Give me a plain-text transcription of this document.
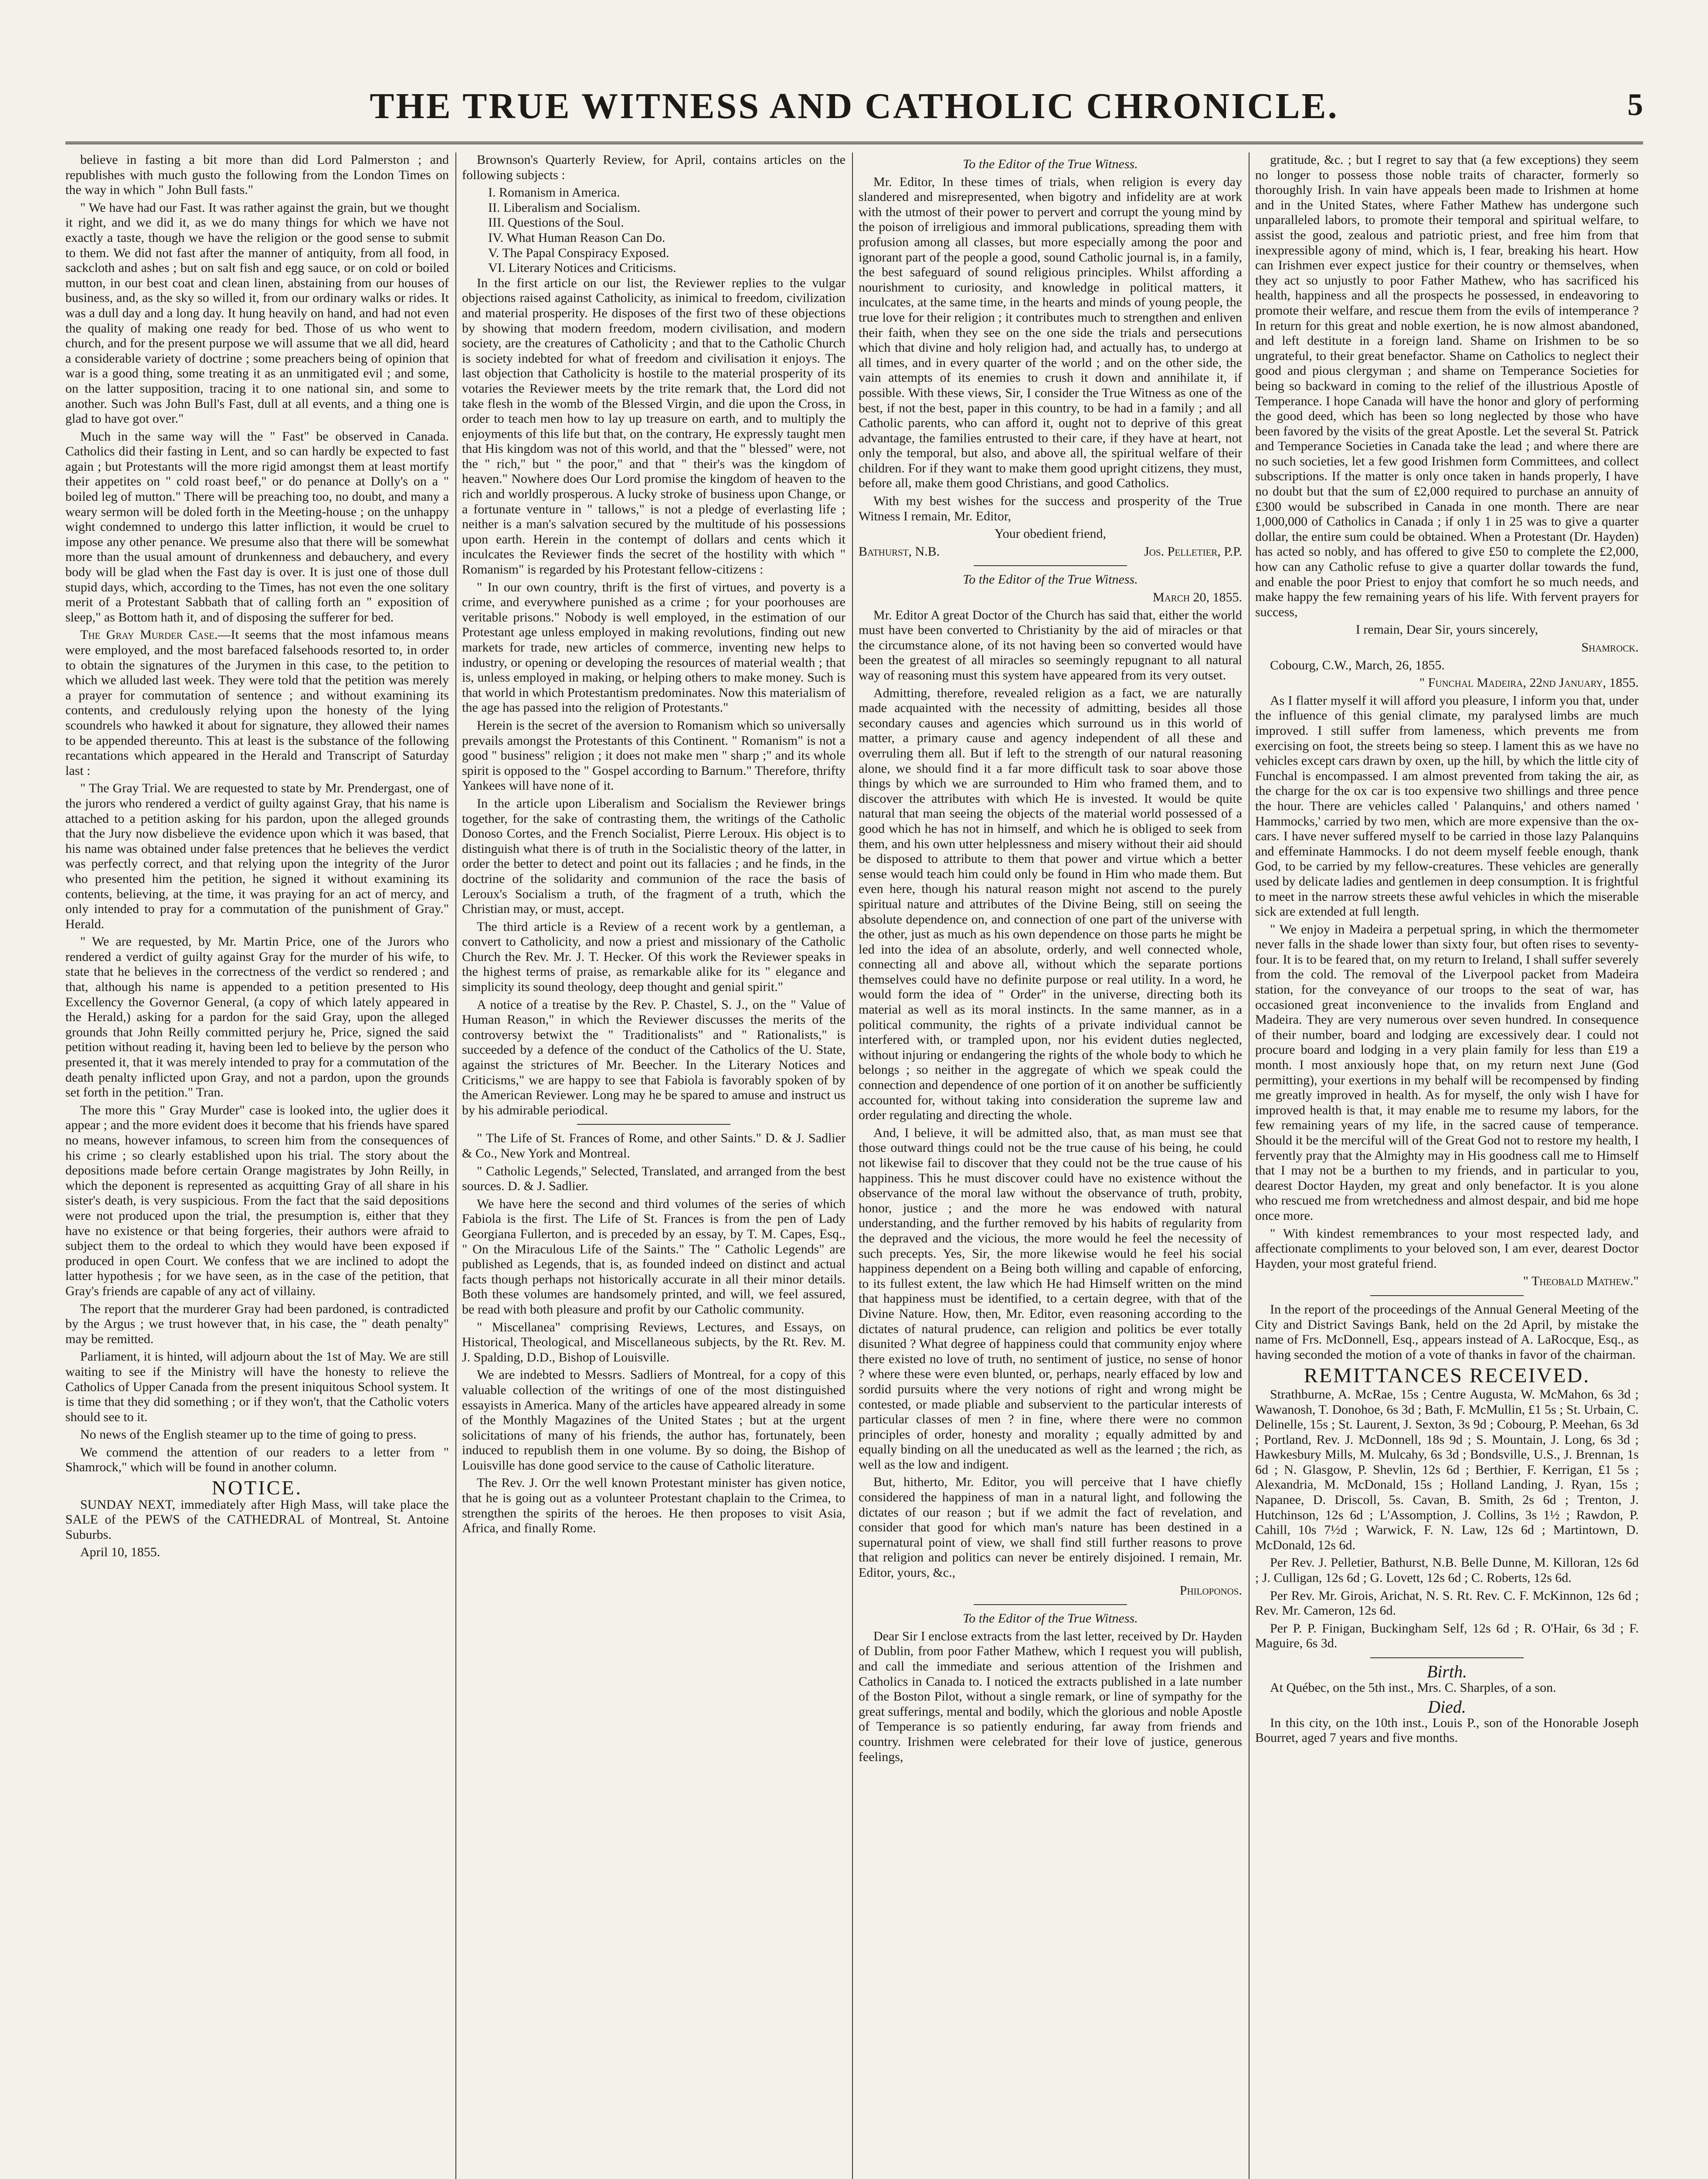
THE TRUE WITNESS AND CATHOLIC CHRONICLE.	5

believe in fasting a bit more than did Lord Palmerston ; and republishes with much gusto the following from the London Times on the way in which " John Bull fasts."

" We have had our Fast. It was rather against the grain, but we thought it right, and we did it, as we do many things for which we have not exactly a taste, though we have the religion or the good sense to submit to them. We did not fast after the manner of antiquity, from all food, in sackcloth and ashes ; but on salt fish and egg sauce, or on cold or boiled mutton, in our best coat and clean linen, abstaining from our houses of business, and, as the sky so willed it, from our ordinary walks or rides. It was a dull day and a long day. It hung heavily on hand, and had not even the quality of making one ready for bed. Those of us who went to church, and for the present purpose we will assume that we all did, heard a considerable variety of doctrine ; some preachers being of opinion that war is a good thing, some treating it as an unmitigated evil ; and some, on the latter supposition, tracing it to one national sin, and some to another. Such was John Bull's Fast, dull at all events, and a thing one is glad to have got over."

Much in the same way will the " Fast" be observed in Canada. Catholics did their fasting in Lent, and so can hardly be expected to fast again ; but Protestants will the more rigid amongst them at least mortify their appetites on " cold roast beef," or do penance at Dolly's on a " boiled leg of mutton." There will be preaching too, no doubt, and many a weary sermon will be doled forth in the Meeting-house ; on the unhappy wight condemned to undergo this latter infliction, it would be cruel to impose any other penance. We presume also that there will be somewhat more than the usual amount of drunkenness and debauchery, and every body will be glad when the Fast day is over. It is just one of those dull stupid days, which, according to the Times, has not even the one solitary merit of a Protestant Sabbath that of calling forth an " exposition of sleep," as Bottom hath it, and of disposing the sufferer for bed.

The Gray Murder Case.—It seems that the most infamous means were employed, and the most barefaced falsehoods resorted to, in order to obtain the signatures of the Jurymen in this case, to the petition to which we alluded last week. They were told that the petition was merely a prayer for commutation of sentence ; and without examining its contents, and credulously relying upon the honesty of the lying scoundrels who hawked it about for signature, they allowed their names to be appended thereunto. This at least is the substance of the following recantations which appeared in the Herald and Transcript of Saturday last :

" The Gray Trial. We are requested to state by Mr. Prendergast, one of the jurors who rendered a verdict of guilty against Gray, that his name is attached to a petition asking for his pardon, upon the alleged grounds that the Jury now disbelieve the evidence upon which it was based, that his name was obtained under false pretences that he believes the verdict was perfectly correct, and that relying upon the integrity of the Juror who presented him the petition, he signed it without examining its contents, believing, at the time, it was praying for an act of mercy, and only intended to pray for a commutation of the punishment of Gray." Herald.

" We are requested, by Mr. Martin Price, one of the Jurors who rendered a verdict of guilty against Gray for the murder of his wife, to state that he believes in the correctness of the verdict so rendered ; and that, although his name is appended to a petition presented to His Excellency the Governor General, (a copy of which lately appeared in the Herald,) asking for a pardon for the said Gray, upon the alleged grounds that John Reilly committed perjury he, Price, signed the said petition without reading it, having been led to believe by the person who presented it, that it was merely intended to pray for a commutation of the death penalty inflicted upon Gray, and not a pardon, upon the grounds set forth in the petition." Tran.

The more this " Gray Murder" case is looked into, the uglier does it appear ; and the more evident does it become that his friends have spared no means, however infamous, to screen him from the consequences of his crime ; so clearly established upon his trial. The story about the depositions made before certain Orange magistrates by John Reilly, in which the deponent is represented as acquitting Gray of all share in his sister's death, is very suspicious. From the fact that the said depositions were not produced upon the trial, the presumption is, either that they have no existence or that being forgeries, their authors were afraid to subject them to the ordeal to which they would have been exposed if produced in open Court. We confess that we are inclined to adopt the latter hypothesis ; for we have seen, as in the case of the petition, that Gray's friends are capable of any act of villainy.

The report that the murderer Gray had been pardoned, is contradicted by the Argus ; we trust however that, in his case, the " death penalty" may be remitted.

Parliament, it is hinted, will adjourn about the 1st of May. We are still waiting to see if the Ministry will have the honesty to relieve the Catholics of Upper Canada from the present iniquitous School system. It is time that they did something ; or if they won't, that the Catholic voters should see to it.

No news of the English steamer up to the time of going to press.

We commend the attention of our readers to a letter from " Shamrock," which will be found in another column.

NOTICE.

SUNDAY NEXT, immediately after High Mass, will take place the SALE of the PEWS of the CATHEDRAL of Montreal, St. Antoine Suburbs.

April 10, 1855.

Brownson's Quarterly Review, for April, contains articles on the following subjects :

I. Romanism in America.

II. Liberalism and Socialism.

III. Questions of the Soul.

IV. What Human Reason Can Do.

V. The Papal Conspiracy Exposed.

VI. Literary Notices and Criticisms.

In the first article on our list, the Reviewer replies to the vulgar objections raised against Catholicity, as inimical to freedom, civilization and material prosperity. He disposes of the first two of these objections by showing that modern freedom, modern civilisation, and modern society, are the creatures of Catholicity ; and that to the Catholic Church is society indebted for what of freedom and civilisation it enjoys. The last objection that Catholicity is hostile to the material prosperity of its votaries the Reviewer meets by the trite remark that, the Lord did not take flesh in the womb of the Blessed Virgin, and die upon the Cross, in order to teach men how to lay up treasure on earth, and to multiply the enjoyments of this life but that, on the contrary, He expressly taught men that His kingdom was not of this world, and that the " blessed" were, not the " rich," but " the poor," and that " their's was the kingdom of heaven." Nowhere does Our Lord promise the kingdom of heaven to the rich and worldly prosperous. A lucky stroke of business upon Change, or a fortunate venture in " tallows," is not a pledge of everlasting life ; neither is a man's salvation secured by the multitude of his possessions upon earth. Herein in the contempt of dollars and cents which it inculcates the Reviewer finds the secret of the hostility with which " Romanism" is regarded by his Protestant fellow-citizens :

" In our own country, thrift is the first of virtues, and poverty is a crime, and everywhere punished as a crime ; for your poorhouses are veritable prisons." Nobody is well employed, in the estimation of our Protestant age unless employed in making revolutions, finding out new markets for trade, new articles of commerce, inventing new helps to industry, or opening or developing the resources of material wealth ; that is, unless employed in making, or helping others to make money. Such is that world in which Protestantism predominates. Now this materialism of the age has passed into the religion of Protestants."

Herein is the secret of the aversion to Romanism which so universally prevails amongst the Protestants of this Continent. " Romanism" is not a good " business" religion ; it does not make men " sharp ;" and its whole spirit is opposed to the " Gospel according to Barnum." Therefore, thrifty Yankees will have none of it.

In the article upon Liberalism and Socialism the Reviewer brings together, for the sake of contrasting them, the writings of the Catholic Donoso Cortes, and the French Socialist, Pierre Leroux. His object is to distinguish what there is of truth in the Socialistic theory of the latter, in order the better to detect and point out its fallacies ; and he finds, in the doctrine of the solidarity and communion of the race the basis of Leroux's Socialism a truth, of the fragment of a truth, which the Christian may, or must, accept.

The third article is a Review of a recent work by a gentleman, a convert to Catholicity, and now a priest and missionary of the Catholic Church the Rev. Mr. J. T. Hecker. Of this work the Reviewer speaks in the highest terms of praise, as remarkable alike for its " elegance and simplicity its sound theology, deep thought and genial spirit."

A notice of a treatise by the Rev. P. Chastel, S. J., on the " Value of Human Reason," in which the Reviewer discusses the merits of the controversy betwixt the " Traditionalists" and " Rationalists," is succeeded by a defence of the conduct of the Catholics of the U. State, against the strictures of Mr. Beecher. In the Literary Notices and Criticisms," we are happy to see that Fabiola is favorably spoken of by the American Reviewer. Long may he be spared to amuse and instruct us by his admirable periodical.

" The Life of St. Frances of Rome, and other Saints." D. & J. Sadlier & Co., New York and Montreal.

" Catholic Legends," Selected, Translated, and arranged from the best sources. D. & J. Sadlier.

We have here the second and third volumes of the series of which Fabiola is the first. The Life of St. Frances is from the pen of Lady Georgiana Fullerton, and is preceded by an essay, by T. M. Capes, Esq., " On the Miraculous Life of the Saints." The " Catholic Legends" are published as Legends, that is, as founded indeed on distinct and actual facts though perhaps not historically accurate in all their minor details. Both these volumes are handsomely printed, and will, we feel assured, be read with both pleasure and profit by our Catholic community.

" Miscellanea" comprising Reviews, Lectures, and Essays, on Historical, Theological, and Miscellaneous subjects, by the Rt. Rev. M. J. Spalding, D.D., Bishop of Louisville.

We are indebted to Messrs. Sadliers of Montreal, for a copy of this valuable collection of the writings of one of the most distinguished essayists in America. Many of the articles have appeared already in some of the Monthly Magazines of the United States ; but at the urgent solicitations of many of his friends, the author has, fortunately, been induced to republish them in one volume. By so doing, the Bishop of Louisville has done good service to the cause of Catholic literature.

The Rev. J. Orr the well known Protestant minister has given notice, that he is going out as a volunteer Protestant chaplain to the Crimea, to strengthen the spirits of the heroes. He then proposes to visit Asia, Africa, and finally Rome.

To the Editor of the True Witness.

Mr. Editor, In these times of trials, when religion is every day slandered and misrepresented, when bigotry and infidelity are at work with the utmost of their power to pervert and corrupt the young mind by the poison of irreligious and immoral publications, spreading them with profusion among all classes, but more especially among the poor and ignorant part of the people a good, sound Catholic journal is, in a family, the best safeguard of sound religious principles. Whilst affording a nourishment to curiosity, and knowledge in political matters, it inculcates, at the same time, in the hearts and minds of young people, the true love for their religion ; it contributes much to strengthen and enliven their faith, when they see on the one side the trials and persecutions which that divine and holy religion had, and actually has, to undergo at all times, and in every quarter of the world ; and on the other side, the vain attempts of its enemies to crush it down and annihilate it, if possible. With these views, Sir, I consider the True Witness as one of the best, if not the best, paper in this country, to be had in a family ; and all Catholic parents, who can afford it, ought not to deprive of this great advantage, the families entrusted to their care, if they have at heart, not only the temporal, but also, and above all, the spiritual welfare of their children. For if they want to make them good upright citizens, they must, before all, make them good Christians, and good Catholics.

With my best wishes for the success and prosperity of the True Witness I remain, Mr. Editor,

Your obedient friend,

Bathurst, N.B.	Jos. Pelletier, P.P.

To the Editor of the True Witness.

March 20, 1855.

Mr. Editor A great Doctor of the Church has said that, either the world must have been converted to Christianity by the aid of miracles or that the circumstance alone, of its not having been so converted would have been the greatest of all miracles so seemingly repugnant to all natural way of reasoning must this system have appeared from its very outset.

Admitting, therefore, revealed religion as a fact, we are naturally made acquainted with the necessity of admitting, besides all those secondary causes and agencies which surround us in this world of matter, a primary cause and agency independent of all these and overruling them all. But if left to the strength of our natural reasoning alone, we should find it a far more difficult task to soar above those things by which we are surrounded to Him who framed them, and to discover the attributes with which He is invested. It would be quite natural that man seeing the objects of the material world possessed of a good which he has not in himself, and which he is obliged to seek from them, and his own utter helplessness and misery without their aid should be disposed to attribute to them that power and virtue which a better sense would teach him could only be found in Him who made them. But even here, though his natural reason might not ascend to the purely spiritual nature and attributes of the Divine Being, still on seeing the absolute dependence on, and connection of one part of the universe with the other, just as much as his own dependence on those parts he might be led into the idea of an absolute, orderly, and well connected whole, connecting all and above all, without which the separate portions themselves could have no definite purpose or real utility. In a word, he would form the idea of " Order" in the universe, directing both its material as well as its moral instincts. In the same manner, as in a political community, the rights of a private individual cannot be interfered with, or trampled upon, nor his evident duties neglected, without injuring or endangering the rights of the whole body to which he belongs ; so neither in the aggregate of which we speak could the connection and dependence of one portion of it on another be sufficiently accounted for, without taking into consideration the supreme law and order regulating and directing the whole.

And, I believe, it will be admitted also, that, as man must see that those outward things could not be the true cause of his being, he could not likewise fail to discover that they could not be the true cause of his happiness. This he must discover could have no existence without the observance of the moral law without the observance of truth, probity, honor, justice ; and the more he was endowed with natural understanding, and the further removed by his habits of regularity from the depraved and the vicious, the more would he feel the necessity of such precepts. Yes, Sir, the more likewise would he feel his social happiness dependent on a Being both willing and capable of enforcing, to its fullest extent, the law which He had Himself written on the mind that happiness must be identified, to a certain degree, with that of the Divine Nature. How, then, Mr. Editor, even reasoning according to the dictates of natural prudence, can religion and politics be ever totally disunited ? What degree of happiness could that community enjoy where there existed no love of truth, no sentiment of justice, no sense of honor ? where these were even blunted, or, perhaps, nearly effaced by low and sordid pursuits where the very notions of right and wrong might be contested, or made pliable and subservient to the particular interests of particular classes of men ? in fine, where there were no common principles of order, honesty and morality ; equally admitted by and equally binding on all the uneducated as well as the learned ; the rich, as well as the low and indigent.

But, hitherto, Mr. Editor, you will perceive that I have chiefly considered the happiness of man in a natural light, and following the dictates of our reason ; but if we admit the fact of revelation, and consider that good for which man's nature has been destined in a supernatural point of view, we shall find still further reasons to prove that religion and politics can never be entirely disjoined. I remain, Mr. Editor, yours, &c.,

Philoponos.

To the Editor of the True Witness.

Dear Sir I enclose extracts from the last letter, received by Dr. Hayden of Dublin, from poor Father Mathew, which I request you will publish, and call the immediate and serious attention of the Irishmen and Catholics in Canada to. I noticed the extracts published in a late number of the Boston Pilot, without a single remark, or line of sympathy for the great sufferings, mental and bodily, which the glorious and noble Apostle of Temperance is so patiently enduring, far away from friends and country. Irishmen were celebrated for their love of justice, generous feelings,

gratitude, &c. ; but I regret to say that (a few exceptions) they seem no longer to possess those noble traits of character, formerly so thoroughly Irish. In vain have appeals been made to Irishmen at home and in the United States, where Father Mathew has undergone such unparalleled labors, to promote their temporal and spiritual welfare, to assist the good, zealous and patriotic priest, and free him from that inexpressible agony of mind, which is, I fear, breaking his heart. How can Irishmen ever expect justice for their country or themselves, when they act so unjustly to poor Father Mathew, who has sacrificed his health, happiness and all the prospects he possessed, in endeavoring to promote their welfare, and rescue them from the evils of intemperance ? In return for this great and noble exertion, he is now almost abandoned, and left destitute in a foreign land. Shame on Irishmen to be so ungrateful, to their great benefactor. Shame on Catholics to neglect their good and pious clergyman ; and shame on Temperance Societies for being so backward in coming to the relief of the illustrious Apostle of Temperance. I hope Canada will have the honor and glory of performing the good deed, which has been so long neglected by those who have been favored by the visits of the great Apostle. Let the several St. Patrick and Temperance Societies in Canada take the lead ; and where there are no such societies, let a few good Irishmen form Committees, and collect subscriptions. If the matter is only once taken in hands properly, I have no doubt but that the sum of £2,000 required to purchase an annuity of £300 would be subscribed in Canada in one month. There are near 1,000,000 of Catholics in Canada ; if only 1 in 25 was to give a quarter dollar, the entire sum could be obtained. When a Protestant (Dr. Hayden) has acted so nobly, and has offered to give £50 to complete the £2,000, how can any Catholic refuse to give a quarter dollar towards the fund, and enable the poor Priest to enjoy that comfort he so much needs, and make happy the few remaining years of his life. With fervent prayers for success,

I remain, Dear Sir, yours sincerely,

Shamrock.

Cobourg, C.W., March, 26, 1855.

" Funchal Madeira, 22nd January, 1855.

As I flatter myself it will afford you pleasure, I inform you that, under the influence of this genial climate, my paralysed limbs are much improved. I still suffer from lameness, which prevents me from exercising on foot, the streets being so steep. I lament this as we have no vehicles except cars drawn by oxen, up the hill, by which the little city of Funchal is encompassed. I am almost prevented from taking the air, as the charge for the ox car is too expensive two shillings and three pence the hour. There are vehicles called ' Palanquins,' and others named ' Hammocks,' carried by two men, which are more expensive than the ox-cars. I have never suffered myself to be carried in those lazy Palanquins and effeminate Hammocks. I do not deem myself feeble enough, thank God, to be carried by my fellow-creatures. These vehicles are generally used by delicate ladies and gentlemen in deep consumption. It is frightful to meet in the narrow streets these awful vehicles in which the miserable sick are extended at full length.

" We enjoy in Madeira a perpetual spring, in which the thermometer never falls in the shade lower than sixty four, but often rises to seventy-four. It is to be feared that, on my return to Ireland, I shall suffer severely from the cold. The removal of the Liverpool packet from Madeira station, for the conveyance of our troops to the seat of war, has occasioned great inconvenience to the invalids from England and Madeira. They are very numerous over seven hundred. In consequence of their number, board and lodging are excessively dear. I could not procure board and lodging in a very plain family for less than £19 a month. I most anxiously hope that, on my return next June (God permitting), your exertions in my behalf will be recompensed by finding me greatly improved in health. As for myself, the only wish I have for improved health is that, it may enable me to resume my labors, for the few remaining years of my life, in the sacred cause of temperance. Should it be the merciful will of the Great God not to restore my health, I fervently pray that the Almighty may in His goodness call me to Himself that I may not be a burthen to my friends, and in particular to you, dearest Doctor Hayden, my great and only benefactor. It is you alone who rescued me from wretchedness and almost despair, and bid me hope once more.

" With kindest remembrances to your most respected lady, and affectionate compliments to your beloved son, I am ever, dearest Doctor Hayden, your most grateful friend.

" Theobald Mathew."

In the report of the proceedings of the Annual General Meeting of the City and District Savings Bank, held on the 2d April, by mistake the name of Frs. McDonnell, Esq., appears instead of A. LaRocque, Esq., as having seconded the motion of a vote of thanks in favor of the chairman.

REMITTANCES RECEIVED.

Strathburne, A. McRae, 15s ; Centre Augusta, W. McMahon, 6s 3d ; Wawanosh, T. Donohoe, 6s 3d ; Bath, F. McMullin, £1 5s ; St. Urbain, C. Delinelle, 15s ; St. Laurent, J. Sexton, 3s 9d ; Cobourg, P. Meehan, 6s 3d ; Portland, Rev. J. McDonnell, 18s 9d ; S. Mountain, J. Long, 6s 3d ; Hawkesbury Mills, M. Mulcahy, 6s 3d ; Bondsville, U.S., J. Brennan, 1s 6d ; N. Glasgow, P. Shevlin, 12s 6d ; Berthier, F. Kerrigan, £1 5s ; Alexandria, M. McDonald, 15s ; Holland Landing, J. Ryan, 15s ; Napanee, D. Driscoll, 5s. Cavan, B. Smith, 2s 6d ; Trenton, J. Hutchinson, 12s 6d ; L'Assomption, J. Collins, 3s 1½ ; Rawdon, P. Cahill, 10s 7½d ; Warwick, F. N. Law, 12s 6d ; Martintown, D. McDonald, 12s 6d.

Per Rev. J. Pelletier, Bathurst, N.B. Belle Dunne, M. Killoran, 12s 6d ; J. Culligan, 12s 6d ; G. Lovett, 12s 6d ; C. Roberts, 12s 6d.

Per Rev. Mr. Girois, Arichat, N. S. Rt. Rev. C. F. McKinnon, 12s 6d ; Rev. Mr. Cameron, 12s 6d.

Per P. P. Finigan, Buckingham Self, 12s 6d ; R. O'Hair, 6s 3d ; F. Maguire, 6s 3d.

Birth.

At Québec, on the 5th inst., Mrs. C. Sharples, of a son.

Died.

In this city, on the 10th inst., Louis P., son of the Honorable Joseph Bourret, aged 7 years and five months.
